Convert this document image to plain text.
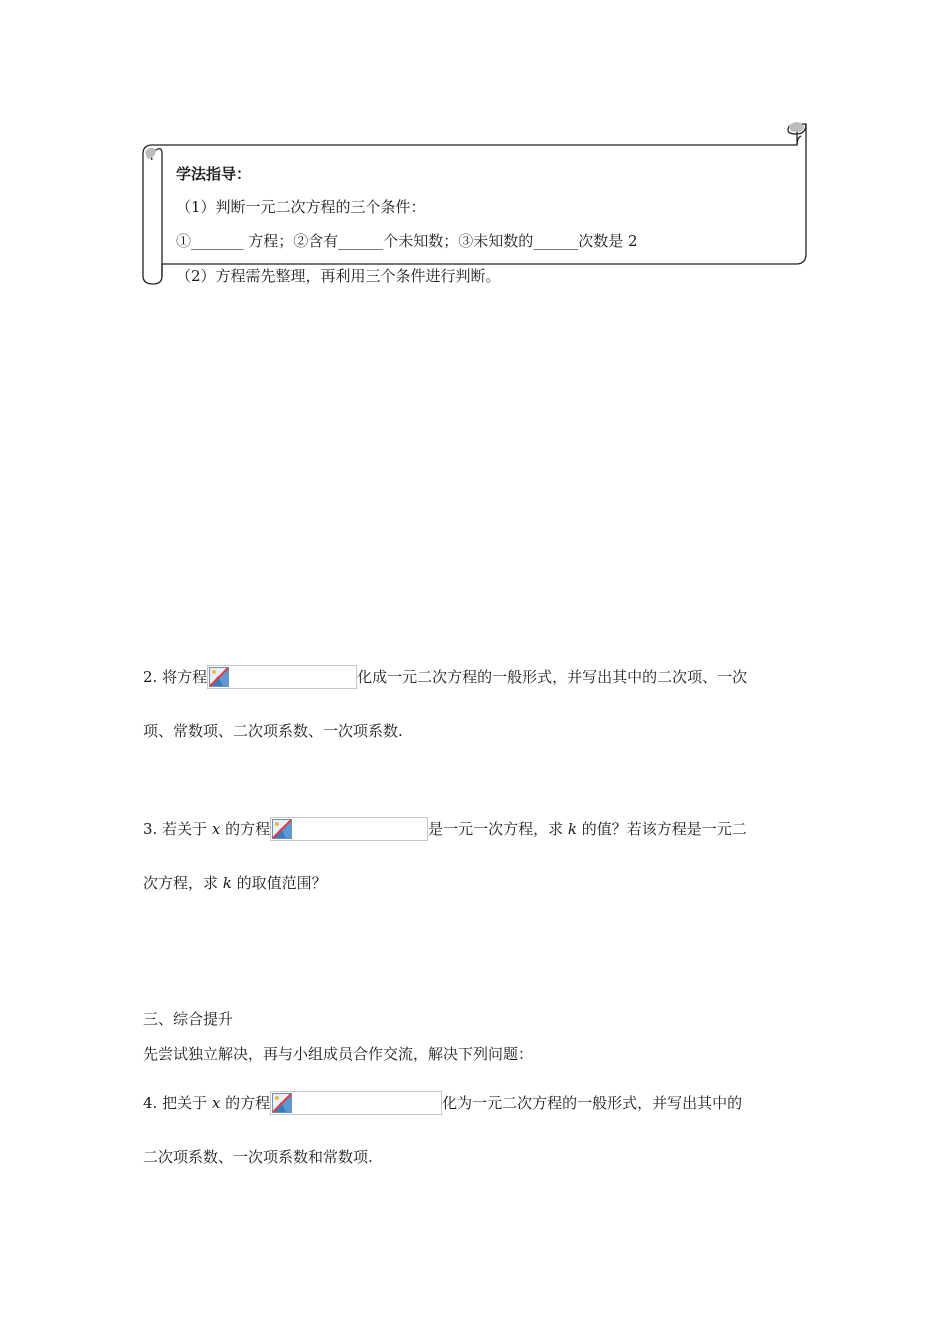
学法指导：
（1）判断一元二次方程的三个条件：
①_______ 方程；②含有______个未知数；③未知数的______次数是 2
（2）方程需先整理，再利用三个条件进行判断。
2. 将方程	化成一元二次方程的一般形式，并写出其中的二次项、一次
项、常数项、二次项系数、一次项系数.
3. 若关于 x 的方程	是一元一次方程，求 k 的值？若该方程是一元二
次方程，求 k 的取值范围？
三、综合提升
先尝试独立解决，再与小组成员合作交流，解决下列问题：
4. 把关于 x 的方程	化为一元二次方程的一般形式，并写出其中的
二次项系数、一次项系数和常数项.
